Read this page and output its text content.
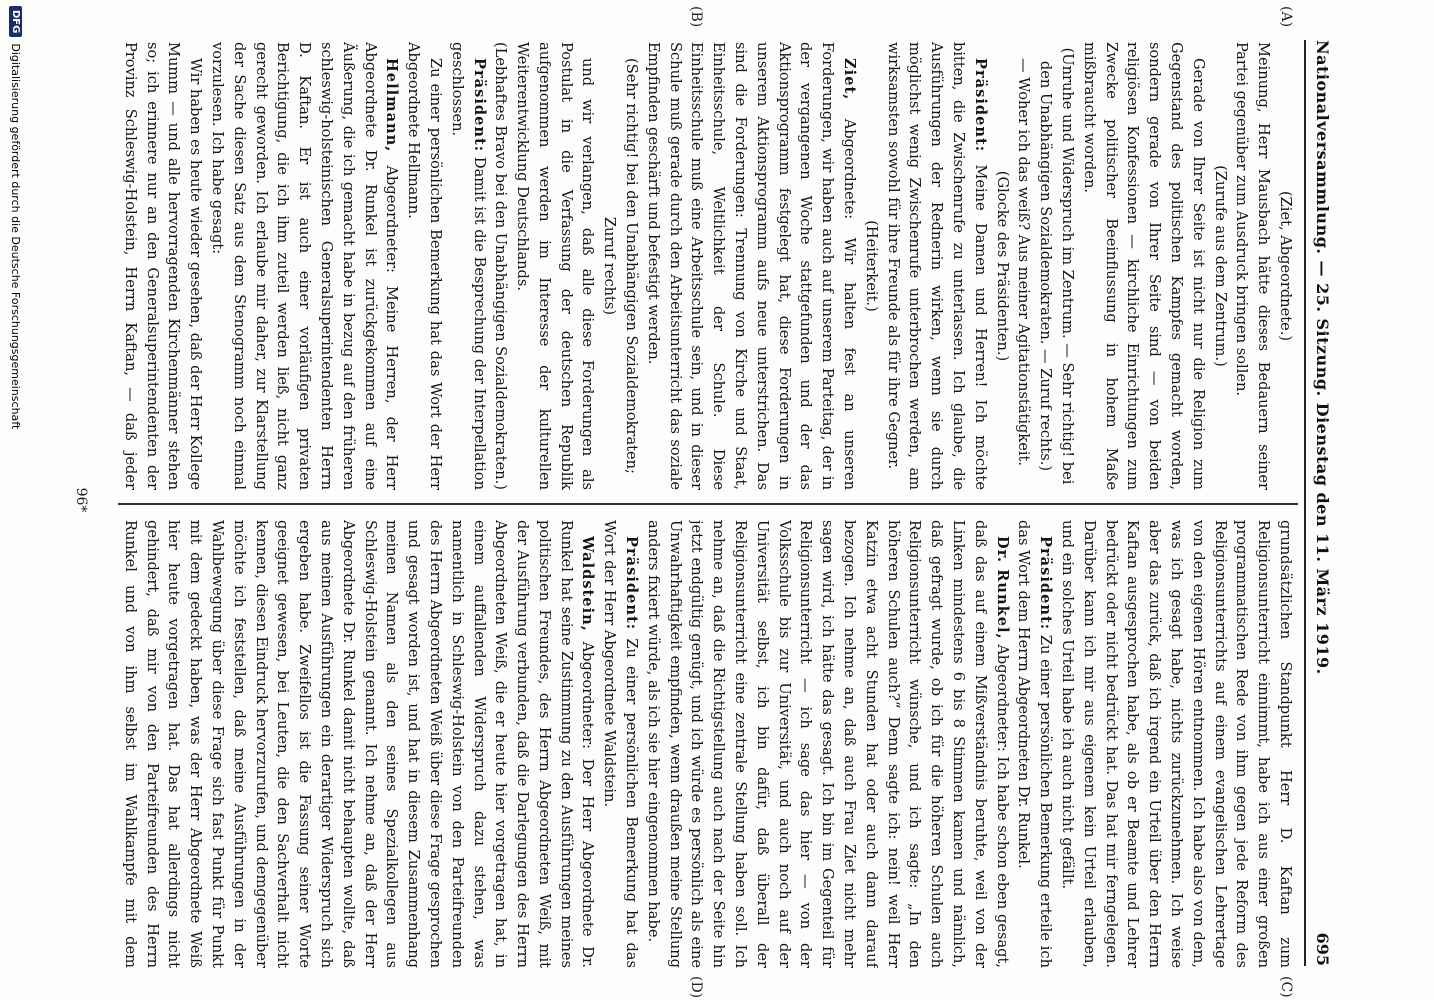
Nationalversammlung. — 25. Sitzung. Dienstag den 11. März 1919.
695
(A)
(B)
(C)
(D)

(Ziet, Abgeordnete.)

Meinung, Herr Mausbach hätte dieses Bedauern seiner Partei gegenüber zum Ausdruck bringen sollen.

(Zurufe aus dem Zentrum.)

Gerade von Ihrer Seite ist nicht nur die Religion zum Gegenstand des politischen Kampfes gemacht worden, sondern gerade von Ihrer Seite sind — von beiden religiösen Konfessionen — kirchliche Einrichtungen zum Zwecke politischer Beeinflussung in hohem Maße mißbraucht worden.

(Unruhe und Widerspruch im Zentrum. — Sehr richtig! bei den Unabhängigen Sozialdemokraten. — Zuruf rechts.)

— Woher ich das weiß? Aus meiner Agitationstätigkeit.

(Glocke des Präsidenten.)

Präsident: Meine Damen und Herren! Ich möchte bitten, die Zwischenrufe zu unterlassen. Ich glaube, die Ausführungen der Rednerin wirken, wenn sie durch möglichst wenig Zwischenrufe unterbrochen werden, am wirksamsten sowohl für ihre Freunde als für ihre Gegner.

(Heiterkeit.)

Ziet, Abgeordnete: Wir halten fest an unseren Forderungen, wir haben auch auf unserem Parteitag, der in der vergangenen Woche stattgefunden und der das Aktionsprogramm festgelegt hat, diese Forderungen in unserem Aktionsprogramm aufs neue unterstrichen. Das sind die Forderungen: Trennung von Kirche und Staat, Einheitsschule, Weltlichkeit der Schule. Diese Einheitsschule muß eine Arbeitsschule sein, und in dieser Schule muß gerade durch den Arbeitsunterricht das soziale Empfinden geschärft und befestigt werden.

(Sehr richtig! bei den Unabhängigen Sozialdemokraten; Zuruf rechts)

und wir verlangen, daß alle diese Forderungen als Postulat in die Verfassung der deutschen Republik aufgenommen werden im Interesse der kulturellen Weiterentwicklung Deutschlands.

(Lebhaftes Bravo bei den Unabhängigen Sozialdemokraten.)

Präsident: Damit ist die Besprechung der Interpellation geschlossen.

Zu einer persönlichen Bemerkung hat das Wort der Herr Abgeordnete Hellmann.

Hellmann, Abgeordneter: Meine Herren, der Herr Abgeordnete Dr. Runkel ist zurückgekommen auf eine Äußerung, die ich gemacht habe in bezug auf den früheren schleswig-holsteinischen Generalsuperintendenten Herrn D. Kaftan. Er ist auch einer vorläufigen privaten Berichtigung, die ich ihm zuteil werden ließ, nicht ganz gerecht geworden. Ich erlaube mir daher, zur Klarstellung der Sache diesen Satz aus dem Stenogramm noch einmal vorzulesen. Ich habe gesagt:

Wir haben es heute wieder gesehen, daß der Herr Kollege Mumm — und alle hervorragenden Kirchenmänner stehen so; ich erinnere nur an den Generalsuperintendenten der Provinz Schleswig-Holstein, Herrn Kaftan, — daß jeder

grundsätzlichen Standpunkt Herr D. Kaftan zum Religionsunterricht einnimmt, habe ich aus einer großen programmatischen Rede von ihm gegen jede Reform des Religionsunterrichts auf einem evangelischen Lehrertage von den eigenen Hören entnommen. Ich habe also von dem, was ich gesagt habe, nichts zurückzunehmen. Ich weise aber das zurück, daß ich irgend ein Urteil über den Herrn Kaftan ausgesprochen habe, als ob er Beamte und Lehrer bedrückt oder nicht bedrückt hat. Das hat mir ferngelegen. Darüber kann ich mir aus eigenem kein Urteil erlauben, und ein solches Urteil habe ich auch nicht gefällt.

Präsident: Zu einer persönlichen Bemerkung erteile ich das Wort dem Herrn Abgeordneten Dr. Runkel.

Dr. Runkel, Abgeordneter: Ich habe schon eben gesagt, daß das auf einem Mißverständnis beruhte, weil von der Linken mindestens 6 bis 8 Stimmen kamen und nämlich, daß gefragt wurde, ob ich für die höheren Schulen auch Religionsunterricht wünsche, und ich sagte: „In den höheren Schulen auch?“ Denn sagte ich: nein! weil Herr Katzin etwa acht Stunden hat oder auch dann darauf bezogen. Ich nehme an, daß auch Frau Ziet nicht mehr sagen wird, ich hätte das gesagt. Ich bin im Gegenteil für Religionsunterricht — ich sage das hier — von der Volksschule bis zur Universität, und auch noch auf der Universität selbst, ich bin dafür, daß überall der Religionsunterricht eine zentrale Stellung haben soll. Ich nehme an, daß die Richtigstellung auch nach der Seite hin jetzt endgültig genügt, und ich würde es persönlich als eine Unwahrhaftigkeit empfinden, wenn draußen meine Stellung anders fixiert würde, als ich sie hier eingenommen habe.

Präsident: Zu einer persönlichen Bemerkung hat das Wort der Herr Abgeordnete Waldstein.

Waldstein, Abgeordneter: Der Herr Abgeordnete Dr. Runkel hat seine Zustimmung zu den Ausführungen meines politischen Freundes, des Herrn Abgeordneten Weiß, mit der Ausführung verbunden, daß die Darlegungen des Herrn Abgeordneten Weiß, die er heute hier vorgetragen hat, in einem auffallenden Widerspruch dazu stehen, was namentlich in Schleswig-Holstein von den Parteifreunden des Herrn Abgeordneten Weiß über diese Frage gesprochen und gesagt worden ist, und hat in diesem Zusammenhang meinen Namen als den seines Spezialkollegen aus Schleswig-Holstein genannt. Ich nehme an, daß der Herr Abgeordnete Dr. Runkel damit nicht behaupten wollte, daß aus meinen Ausführungen ein derartiger Widerspruch sich ergeben habe. Zweifellos ist die Fassung seiner Worte geeignet gewesen, bei Leuten, die den Sachverhalt nicht kennen, diesen Eindruck hervorzurufen, und demgegenüber möchte ich feststellen, daß meine Ausführungen in der Wahlbewegung über diese Frage sich fast Punkt für Punkt mit dem gedeckt haben, was der Herr Abgeordnete Weiß hier heute vorgetragen hat. Das hat allerdings nicht gehindert, daß mir von den Parteifreunden des Herrn Runkel und von ihm selbst im Wahlkampfe mit dem

96*
DFG
Digitalisierung gefördert durch die Deutsche Forschungsgemeinschaft
